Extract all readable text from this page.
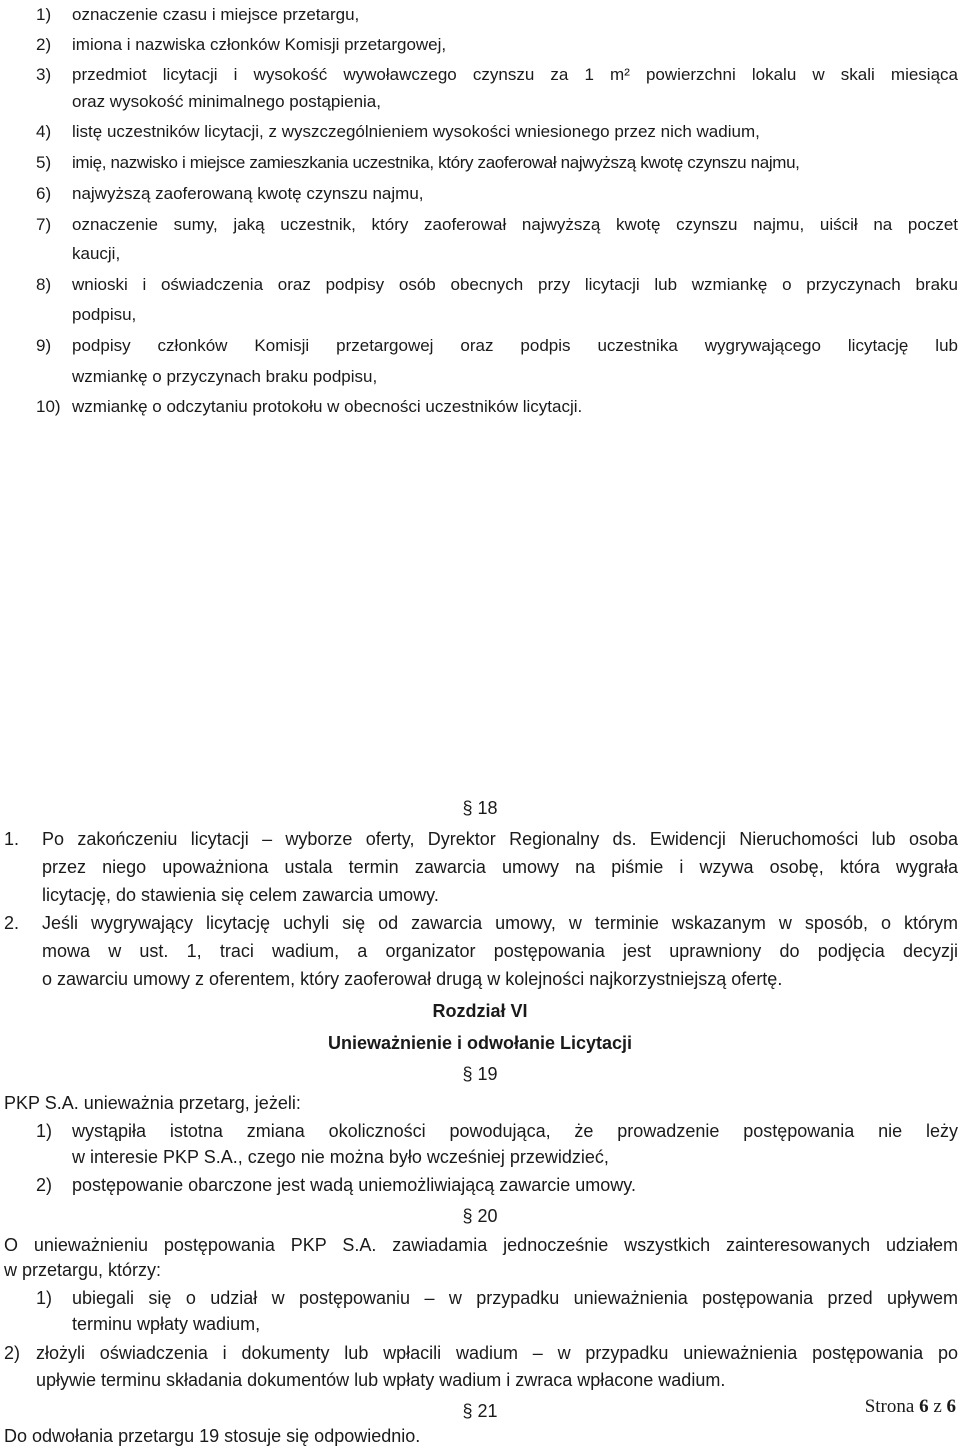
1) oznaczenie czasu i miejsce przetargu,
2) imiona i nazwiska członków Komisji przetargowej,
3) przedmiot licytacji i wysokość wywoławczego czynszu za 1 m² powierzchni lokalu w skali miesiąca
oraz wysokość minimalnego postąpienia,
4) listę uczestników licytacji, z wyszczególnieniem wysokości wniesionego przez nich wadium,
5) imię, nazwisko i miejsce zamieszkania uczestnika, który zaoferował najwyższą kwotę czynszu najmu,
6) najwyższą zaoferowaną kwotę czynszu najmu,
7) oznaczenie sumy, jaką uczestnik, który zaoferował najwyższą kwotę czynszu najmu, uiścił na poczet
kaucji,
8) wnioski i oświadczenia oraz podpisy osób obecnych przy licytacji lub wzmiankę o przyczynach braku
podpisu,
9) podpisy członków Komisji przetargowej oraz podpis uczestnika wygrywającego licytację lub
wzmiankę o przyczynach braku podpisu,
10) wzmiankę o odczytaniu protokołu w obecności uczestników licytacji.
§ 18
1. Po zakończeniu licytacji – wyborze oferty, Dyrektor Regionalny ds. Ewidencji Nieruchomości lub osoba
przez niego upoważniona ustala termin zawarcia umowy na piśmie i wzywa osobę, która wygrała
licytację, do stawienia się celem zawarcia umowy.
2. Jeśli wygrywający licytację uchyli się od zawarcia umowy, w terminie wskazanym w sposób, o którym
mowa w ust. 1, traci wadium, a organizator postępowania jest uprawniony do podjęcia decyzji
o zawarciu umowy z oferentem, który zaoferował drugą w kolejności najkorzystniejszą ofertę.
Rozdział VI
Unieważnienie i odwołanie Licytacji
§ 19
PKP S.A. unieważnia przetarg, jeżeli:
1) wystąpiła istotna zmiana okoliczności powodująca, że prowadzenie postępowania nie leży
w interesie PKP S.A., czego nie można było wcześniej przewidzieć,
2) postępowanie obarczone jest wadą uniemożliwiającą zawarcie umowy.
§ 20
O unieważnieniu postępowania PKP S.A. zawiadamia jednocześnie wszystkich zainteresowanych udziałem
w przetargu, którzy:
1) ubiegali się o udział w postępowaniu – w przypadku unieważnienia postępowania przed upływem
terminu wpłaty wadium,
Strona 6 z 6
2) złożyli oświadczenia i dokumenty lub wpłacili wadium – w przypadku unieważnienia postępowania po
upływie terminu składania dokumentów lub wpłaty wadium i zwraca wpłacone wadium.
§ 21
Do odwołania przetargu 19 stosuje się odpowiednio.
